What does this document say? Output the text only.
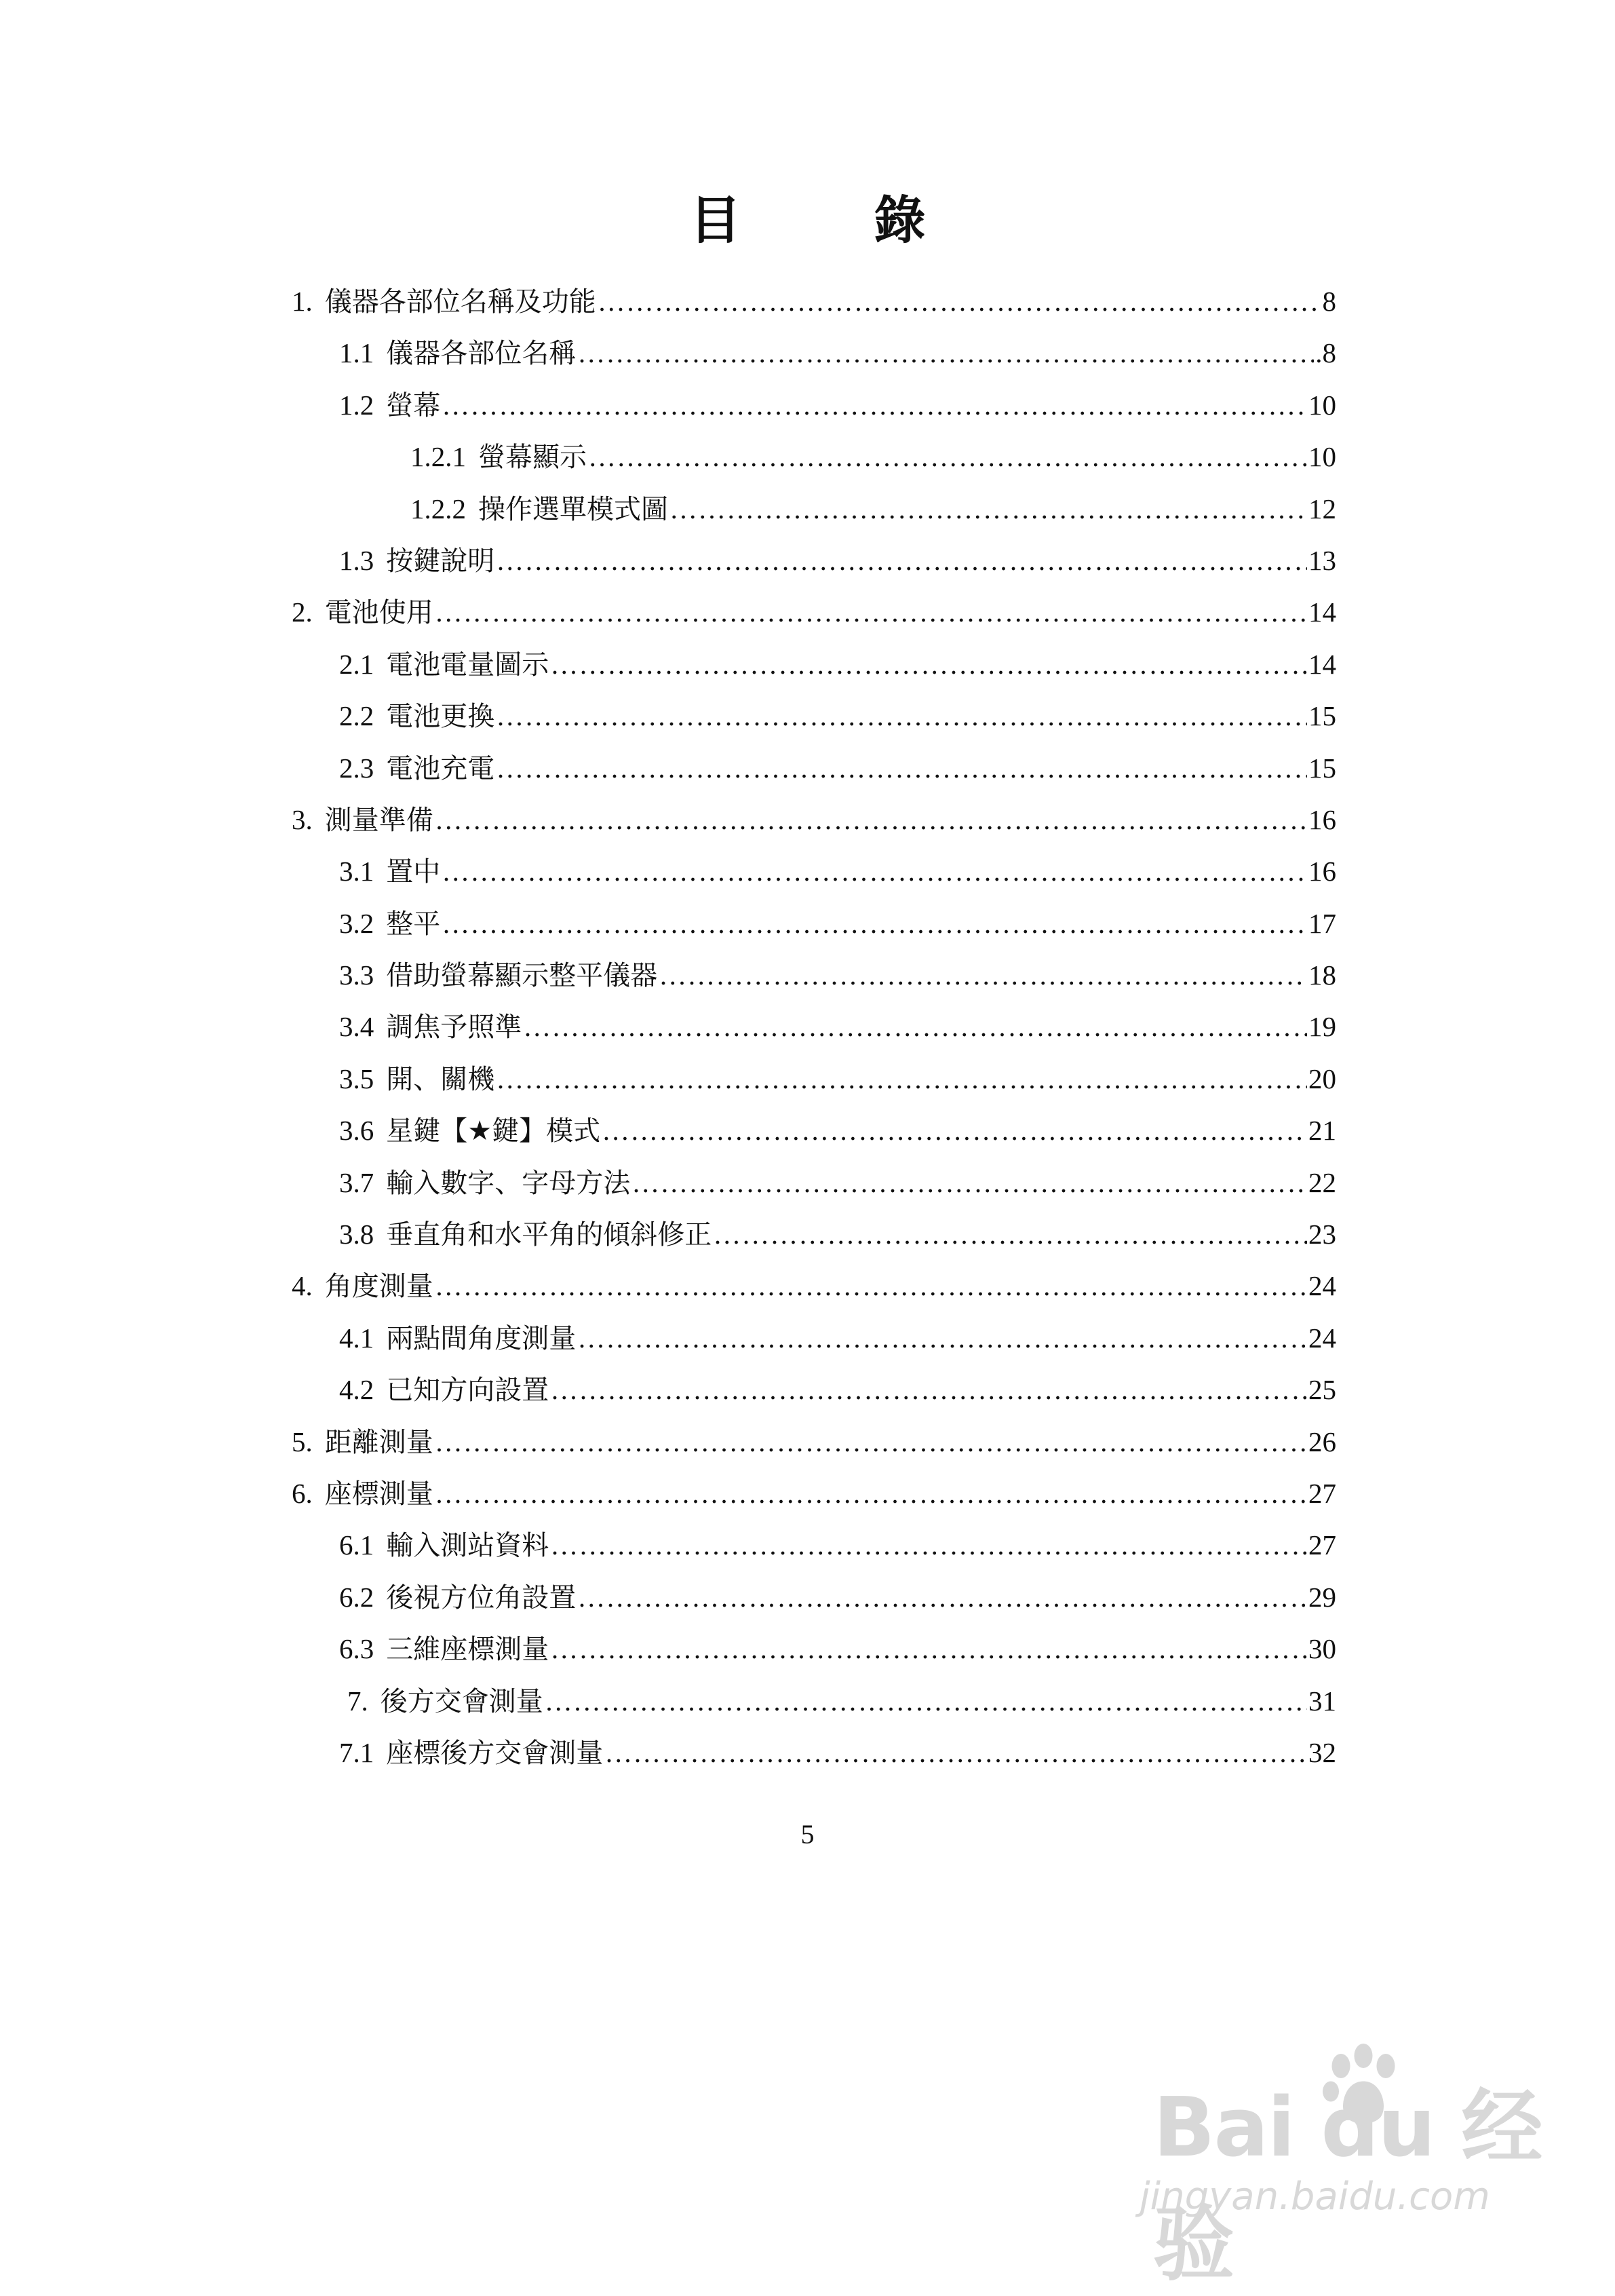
目　錄
1. 儀器各部位名稱及功能 …………………………………………………………………………………………………………………………………………………………	8
1.1 儀器各部位名稱 …………………………………………………………………………………………………………………………………………………………	.8
1.2 螢幕 …………………………………………………………………………………………………………………………………………………………	10
1.2.1 螢幕顯示 …………………………………………………………………………………………………………………………………………………………	10
1.2.2 操作選單模式圖 …………………………………………………………………………………………………………………………………………………………	12
1.3 按鍵說明 …………………………………………………………………………………………………………………………………………………………	13
2. 電池使用 …………………………………………………………………………………………………………………………………………………………	14
2.1 電池電量圖示 …………………………………………………………………………………………………………………………………………………………	14
2.2 電池更換 …………………………………………………………………………………………………………………………………………………………	15
2.3 電池充電 …………………………………………………………………………………………………………………………………………………………	15
3. 測量準備 …………………………………………………………………………………………………………………………………………………………	16
3.1 置中 …………………………………………………………………………………………………………………………………………………………	16
3.2 整平 …………………………………………………………………………………………………………………………………………………………	17
3.3 借助螢幕顯示整平儀器 …………………………………………………………………………………………………………………………………………………………	18
3.4 調焦予照準 …………………………………………………………………………………………………………………………………………………………	19
3.5 開、關機 …………………………………………………………………………………………………………………………………………………………	20
3.6 星鍵【★鍵】模式 …………………………………………………………………………………………………………………………………………………………	21
3.7 輸入數字、字母方法 …………………………………………………………………………………………………………………………………………………………	22
3.8 垂直角和水平角的傾斜修正 …………………………………………………………………………………………………………………………………………………………	23
4. 角度測量 …………………………………………………………………………………………………………………………………………………………	24
4.1 兩點間角度測量 …………………………………………………………………………………………………………………………………………………………	24
4.2 已知方向設置 …………………………………………………………………………………………………………………………………………………………	25
5. 距離測量 …………………………………………………………………………………………………………………………………………………………	26
6. 座標測量 …………………………………………………………………………………………………………………………………………………………	27
6.1 輸入測站資料 …………………………………………………………………………………………………………………………………………………………	27
6.2 後視方位角設置 …………………………………………………………………………………………………………………………………………………………	29
6.3 三維座標測量 …………………………………………………………………………………………………………………………………………………………	30
7. 後方交會測量 …………………………………………………………………………………………………………………………………………………………	31
7.1 座標後方交會測量 …………………………………………………………………………………………………………………………………………………………	32
5
Bai du 经验
jingyan.baidu.com
